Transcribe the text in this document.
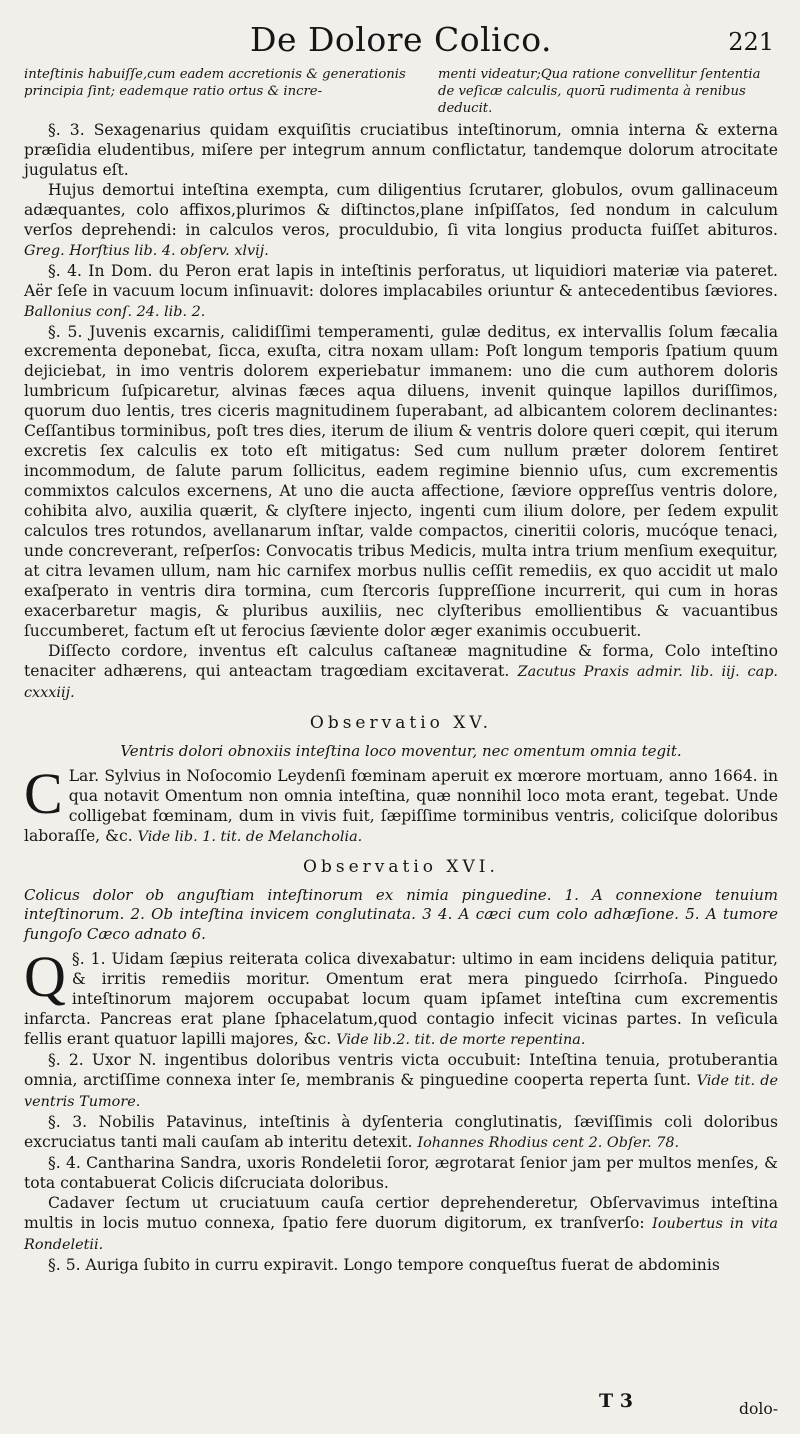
De Dolore Colico.	221
inteſtinis habuiſſe,cum eadem accretionis & generationis principia ſint; eademque ratio ortus & incre-
menti videatur;Qua ratione convellitur ſententia de veſicæ calculis, quorū rudimenta à renibus deducit.

§. 3. Sexagenarius quidam exquiſitis cruciatibus inteſtinorum, omnia interna & externa præſidia eludentibus, miſere per integrum annum conflictatur, tandemque dolorum atrocitate jugulatus eſt.

Hujus demortui inteſtina exempta, cum diligentius ſcrutarer, globulos, ovum gallinaceum adæquantes, colo affixos,plurimos & diſtinctos,plane inſpiſſatos, ſed nondum in calculum verſos deprehendi: in calculos veros, proculdubio, ſi vita longius producta fuiſſet abituros. Greg. Horſtius lib. 4. obſerv. xlvij.

§. 4. In Dom. du Peron erat lapis in inteſtinis perforatus, ut liquidiori materiæ via pateret. Aër ſeſe in vacuum locum inſinuavit: dolores implacabiles oriuntur & antecedentibus ſæviores. Ballonius conſ. 24. lib. 2.

§. 5. Juvenis excarnis, calidiſſimi temperamenti, gulæ deditus, ex intervallis ſolum fæcalia excrementa deponebat, ſicca, exuſta, citra noxam ullam: Poſt longum temporis ſpatium quum dejiciebat, in imo ventris dolorem experiebatur immanem: uno die cum authorem doloris lumbricum ſuſpicaretur, alvinas fæces aqua diluens, invenit quinque lapillos duriſſimos, quorum duo lentis, tres ciceris magnitudinem ſuperabant, ad albicantem colorem declinantes: Ceſſantibus torminibus, poſt tres dies, iterum de ilium & ventris dolore queri cœpit, qui iterum excretis ſex calculis ex toto eſt mitigatus: Sed cum nullum præter dolorem ſentiret incommodum, de ſalute parum ſollicitus, eadem regimine biennio uſus, cum excrementis commixtos calculos excernens, At uno die aucta affectione, ſæviore oppreſſus ventris dolore, cohibita alvo, auxilia quærit, & clyſtere injecto, ingenti cum ilium dolore, per ſedem expulit calculos tres rotundos, avellanarum inſtar, valde compactos, cineritii coloris, mucóque tenaci, unde concreverant, reſperſos: Convocatis tribus Medicis, multa intra trium menſium exequitur, at citra levamen ullum, nam hic carnifex morbus nullis ceſſit remediis, ex quo accidit ut malo exaſperato in ventris dira tormina, cum ſtercoris ſuppreſſione incurrerit, qui cum in horas exacerbaretur magis, & pluribus auxiliis, nec clyſteribus emollientibus & vacuantibus ſuccumberet, factum eſt ut ferocius ſæviente dolor æger exanimis occubuerit.

Diſſecto cordore, inventus eſt calculus caſtaneæ magnitudine & forma, Colo inteſtino tenaciter adhærens, qui anteactam tragœdiam excitaverat. Zacutus Praxis admir. lib. iij. cap. cxxxiij.

Observatio XV.
Ventris dolori obnoxiis inteſtina loco moventur, nec omentum omnia tegit.

C Lar. Sylvius in Noſocomio Leydenſi fœminam aperuit ex mœrore mortuam, anno 1664. in qua notavit Omentum non omnia inteſtina, quæ nonnihil loco mota erant, tegebat. Unde colligebat fœminam, dum in vivis fuit, ſæpiſſime torminibus ventris, coliciſque doloribus laboraſſe, &c. Vide lib. 1. tit. de Melancholia.

Observatio XVI.
Colicus dolor ob anguſtiam inteſtinorum ex nimia pinguedine. 1. A connexione tenuium inteſtinorum. 2. Ob inteſtina invicem conglutinata. 3 4. A cæci cum colo adhæſione. 5. A tumore fungoſo Cæco adnato 6.

§. 1.
Q	Uidam ſæpius reiterata colica divexabatur: ultimo in eam incidens deliquia patitur, & irritis remediis moritur. Omentum erat mera pinguedo ſcirrhoſa. Pinguedo inteſtinorum majorem occupabat locum quam ipſamet inteſtina cum excrementis infarcta. Pancreas erat plane ſphacelatum,quod contagio infecit vicinas partes. In veſicula fellis erant quatuor lapilli majores, &c. Vide lib.2. tit. de morte repentina.

§. 2. Uxor N. ingentibus doloribus ventris victa occubuit: Inteſtina tenuia, protuberantia omnia, arctiſſime connexa inter ſe, membranis & pinguedine cooperta reperta ſunt. Vide tit. de ventris Tumore.

§. 3. Nobilis Patavinus, inteſtinis à dyſenteria conglutinatis, ſæviſſimis coli doloribus excruciatus tanti mali cauſam ab interitu detexit. Iohannes Rhodius cent 2. Obſer. 78.

§. 4. Cantharina Sandra, uxoris Rondeletii ſoror, ægrotarat ſenior jam per multos menſes, & tota contabuerat Colicis diſcruciata doloribus.

Cadaver ſectum ut cruciatuum cauſa certior deprehenderetur, Obſervavimus inteſtina multis in locis mutuo connexa, ſpatio fere duorum digitorum, ex tranſverſo: Ioubertus in vita Rondeletii.

§. 5. Auriga ſubito in curru expiravit. Longo tempore conqueſtus fuerat de abdominis

T 3	dolo-
